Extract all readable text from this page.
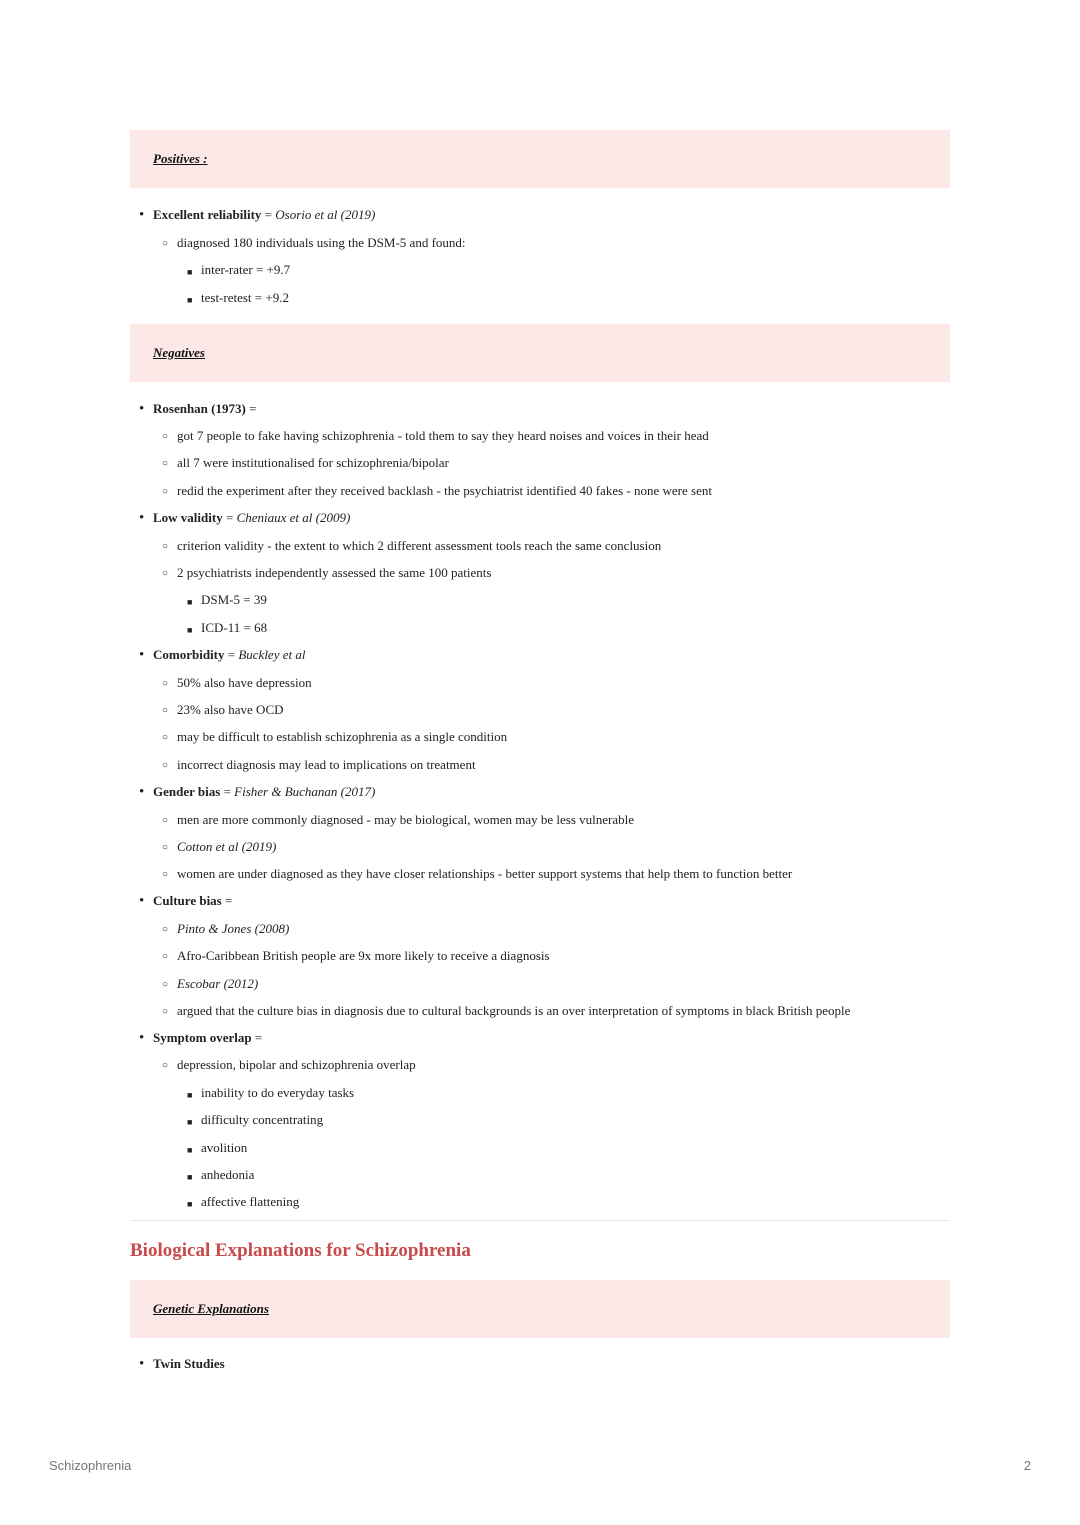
Positives :
• Excellent reliability = Osorio et al (2019)
○ diagnosed 180 individuals using the DSM-5 and found:
■ inter-rater = +9.7
■ test-retest = +9.2
Negatives
• Rosenhan (1973) =
○ got 7 people to fake having schizophrenia - told them to say they heard noises and voices in their head
○ all 7 were institutionalised for schizophrenia/bipolar
○ redid the experiment after they received backlash - the psychiatrist identified 40 fakes - none were sent
• Low validity = Cheniaux et al (2009)
○ criterion validity - the extent to which 2 different assessment tools reach the same conclusion
○ 2 psychiatrists independently assessed the same 100 patients
■ DSM-5 = 39
■ ICD-11 = 68
• Comorbidity = Buckley et al
○ 50% also have depression
○ 23% also have OCD
○ may be difficult to establish schizophrenia as a single condition
○ incorrect diagnosis may lead to implications on treatment
• Gender bias = Fisher & Buchanan (2017)
○ men are more commonly diagnosed - may be biological, women may be less vulnerable
○ Cotton et al (2019)
○ women are under diagnosed as they have closer relationships - better support systems that help them to function better
• Culture bias =
○ Pinto & Jones (2008)
○ Afro-Caribbean British people are 9x more likely to receive a diagnosis
○ Escobar (2012)
○ argued that the culture bias in diagnosis due to cultural backgrounds is an over interpretation of symptoms in black British people
• Symptom overlap =
○ depression, bipolar and schizophrenia overlap
■ inability to do everyday tasks
■ difficulty concentrating
■ avolition
■ anhedonia
■ affective flattening
Biological Explanations for Schizophrenia
Genetic Explanations
• Twin Studies
Schizophrenia	2
